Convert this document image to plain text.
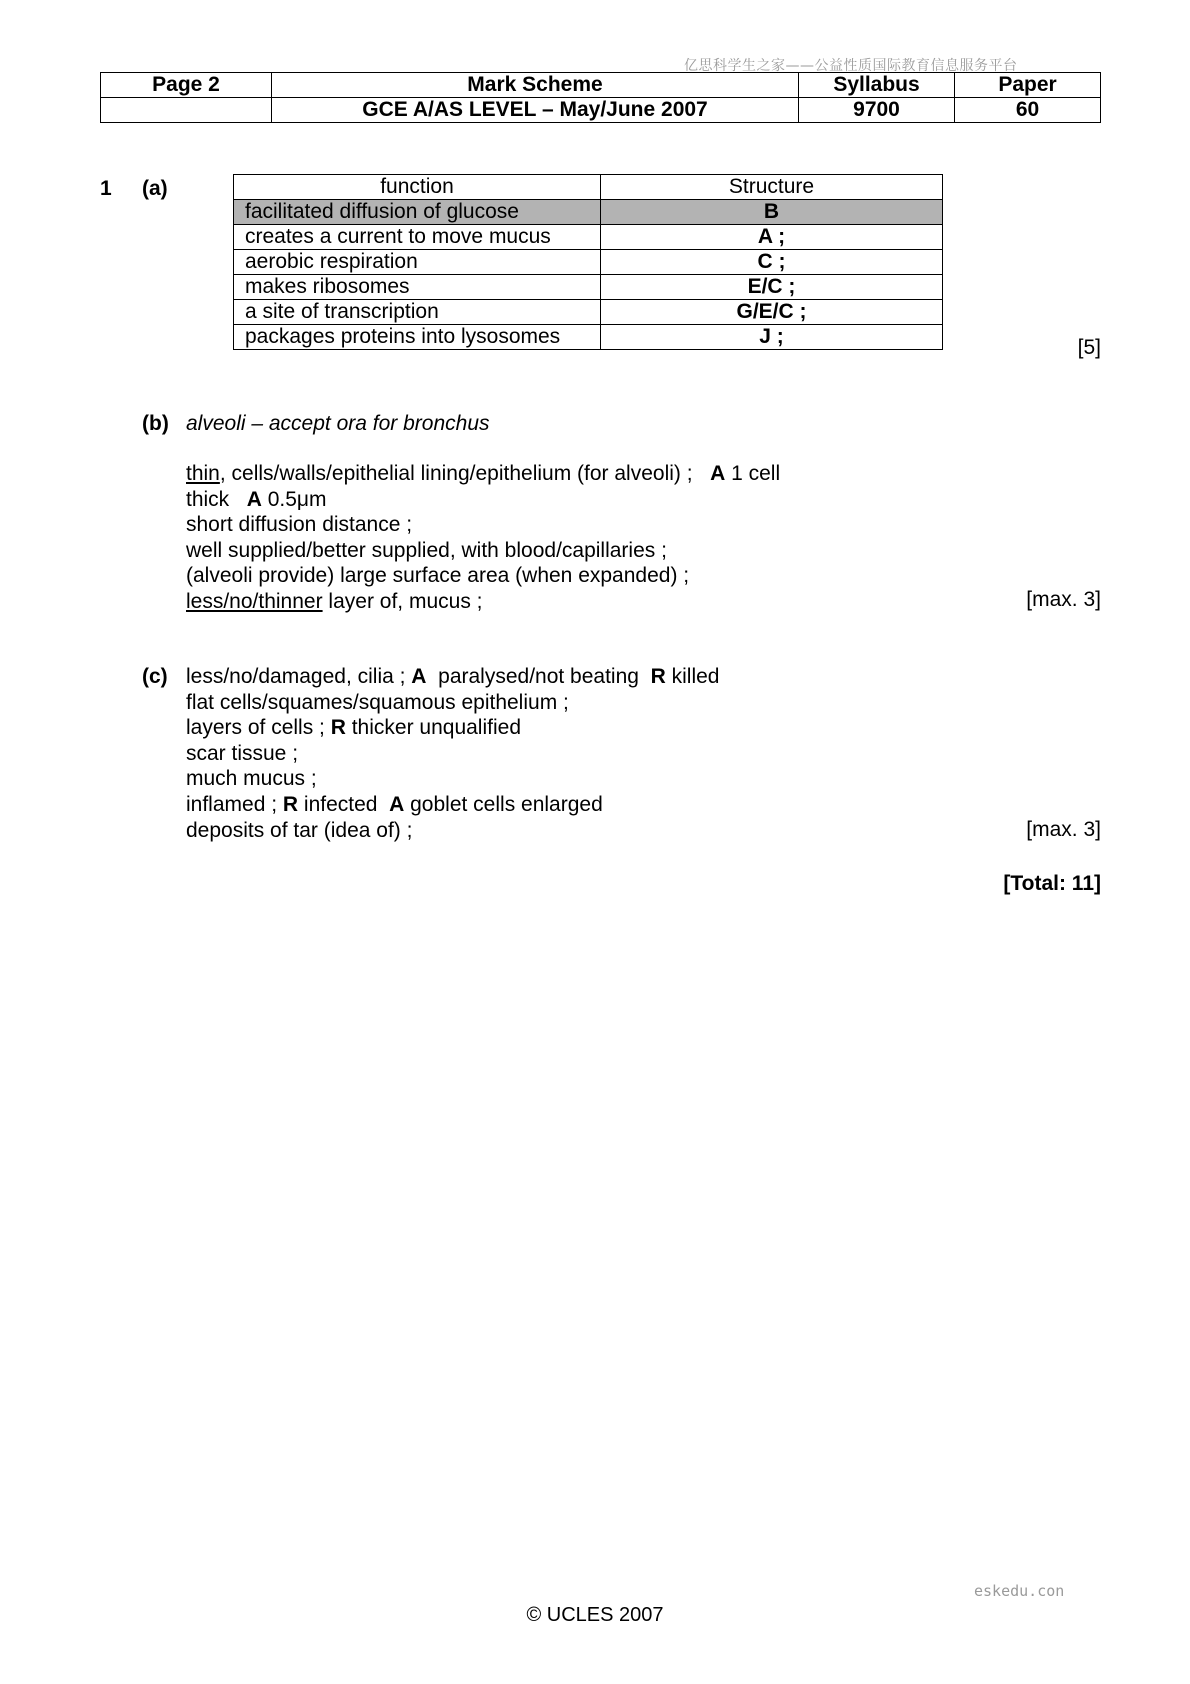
亿思科学生之家——公益性质国际教育信息服务平台
Page 2	Mark Scheme	Syllabus	Paper
	GCE A/AS LEVEL – May/June 2007	9700	60
1 (a)	function	Structure
facilitated diffusion of glucose	B
creates a current to move mucus	A ;
aerobic respiration	C ;
makes ribosomes	E/C ;
a site of transcription	G/E/C ;
packages proteins into lysosomes	J ;	[5]
(b) alveoli – accept ora for bronchus
thin, cells/walls/epithelial lining/epithelium (for alveoli) ;   A 1 cell
thick   A 0.5μm
short diffusion distance ;
well supplied/better supplied, with blood/capillaries ;
(alveoli provide) large surface area (when expanded) ;
less/no/thinner layer of, mucus ;	[max. 3]
(c) less/no/damaged, cilia ; A  paralysed/not beating  R killed
flat cells/squames/squamous epithelium ;
layers of cells ; R thicker unqualified
scar tissue ;
much mucus ;
inflamed ; R infected  A goblet cells enlarged
deposits of tar (idea of) ;	[max. 3]
[Total: 11]
eskedu.con
© UCLES 2007
